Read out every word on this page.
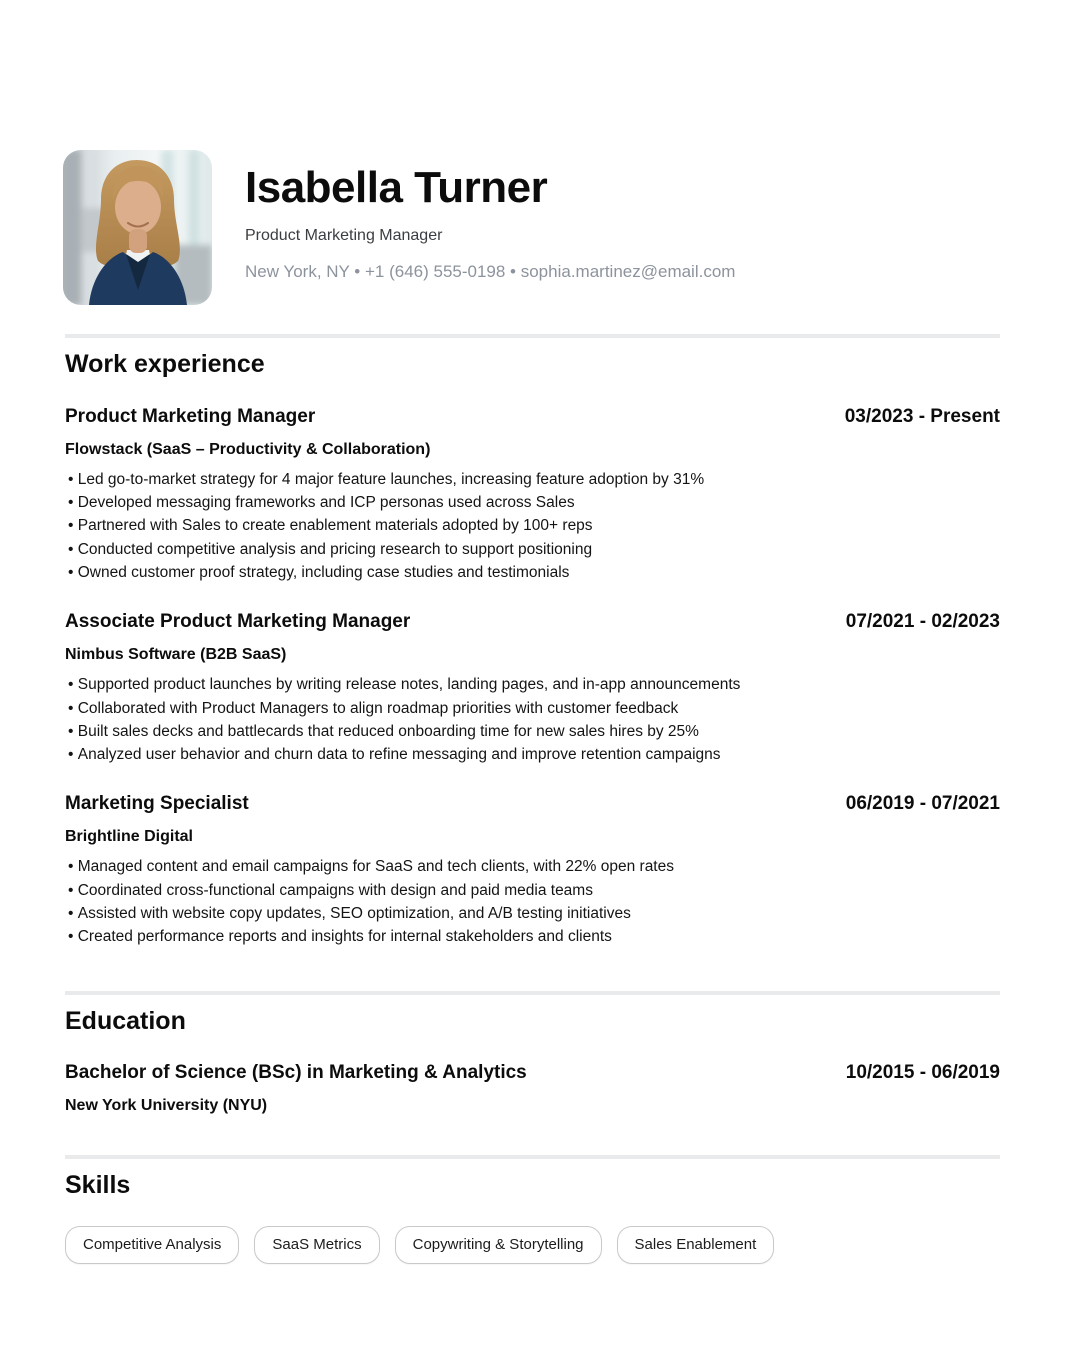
Isabella Turner
Product Marketing Manager
New York, NY • +1 (646) 555-0198 • sophia.martinez@email.com
Work experience
Product Marketing Manager	03/2023 - Present
Flowstack (SaaS – Productivity & Collaboration)
• Led go-to-market strategy for 4 major feature launches, increasing feature adoption by 31%
• Developed messaging frameworks and ICP personas used across Sales
• Partnered with Sales to create enablement materials adopted by 100+ reps
• Conducted competitive analysis and pricing research to support positioning
• Owned customer proof strategy, including case studies and testimonials
Associate Product Marketing Manager	07/2021 - 02/2023
Nimbus Software (B2B SaaS)
• Supported product launches by writing release notes, landing pages, and in-app announcements
• Collaborated with Product Managers to align roadmap priorities with customer feedback
• Built sales decks and battlecards that reduced onboarding time for new sales hires by 25%
• Analyzed user behavior and churn data to refine messaging and improve retention campaigns
Marketing Specialist	06/2019 - 07/2021
Brightline Digital
• Managed content and email campaigns for SaaS and tech clients, with 22% open rates
• Coordinated cross-functional campaigns with design and paid media teams
• Assisted with website copy updates, SEO optimization, and A/B testing initiatives
• Created performance reports and insights for internal stakeholders and clients
Education
Bachelor of Science (BSc) in Marketing & Analytics	10/2015 - 06/2019
New York University (NYU)
Skills
Competitive Analysis	SaaS Metrics	Copywriting & Storytelling	Sales Enablement
